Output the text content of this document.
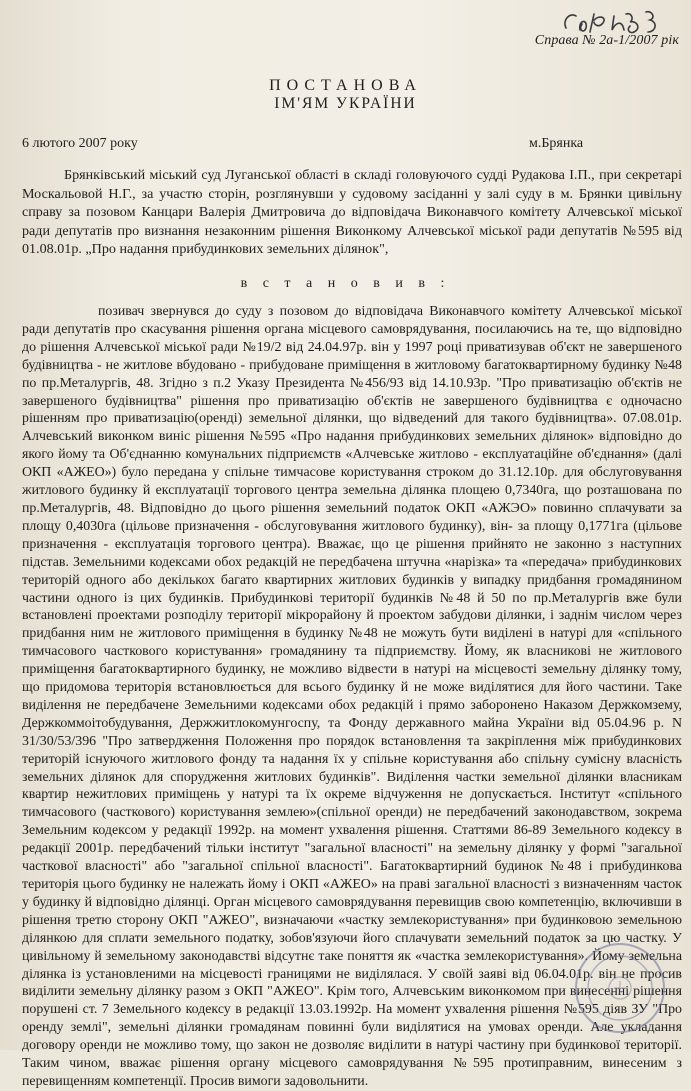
Справа № 2а-1/2007 рік
ПОСТАНОВА
ІМ'ЯМ УКРАЇНИ
6 лютого 2007 року	м.Брянка

Брянківський міський суд Луганської області в складі головуючого судді Рудакова І.П., при секретарі Москальовой Н.Г., за участю сторін, розглянувши у судовому засіданні у залі суду в м. Брянки цивільну справу за позовом Канцари Валерія Дмитровича до відповідача Виконавчого комітету Алчевської міської ради депутатів про визнання незаконним рішення Виконкому Алчевської міської ради депутатів №595 від 01.08.01р. „Про надання прибудинкових земельних ділянок",

в с т а н о в и в :

позивач звернувся до суду з позовом до відповідача Виконавчого комітету Алчевської міської ради депутатів про скасування рішення органа місцевого самоврядування, посилаючись на те, що відповідно до рішення Алчевської міської ради №19/2 від 24.04.97р. він у 1997 році приватизував об'єкт не завершеного будівництва - не житлове вбудовано - прибудоване приміщення в житловому багатоквартирному будинку №48 по пр.Металургів, 48. Згідно з п.2 Указу Президента №456/93 від 14.10.93р. "Про приватизацію об'єктів не завершеного будівництва" рішення про приватизацію об'єктів не завершеного будівництва є одночасно рішенням про приватизацію(оренді) земельної ділянки, що відведений для такого будівництва». 07.08.01р. Алчевський виконком виніс рішення №595 «Про надання прибудинкових земельних ділянок» відповідно до якого йому та Об'єднанню комунальних підприємств «Алчевське житлово - експлуатаційне об'єднання» (далі ОКП «АЖЕО») було передана у спільне тимчасове користування строком до 31.12.10р. для обслуговування житлового будинку й експлуатації торгового центра земельна ділянка площею 0,7340га, що розташована по пр.Металургів, 48. Відповідно до цього рішення земельний податок ОКП «АЖЭО» повинно сплачувати за площу 0,4030га (цільове призначення - обслуговування житлового будинку), він- за площу 0,1771га (цільове призначення - експлуатація торгового центра). Вважає, що це рішення прийнято не законно з наступних підстав. Земельними кодексами обох редакцій не передбачена штучна «нарізка» та «передача» прибудинкових територій одного або декількох багато квартирних житлових будинків у випадку придбання громадянином частини одного із цих будинків. Прибудинкові території будинків №48 й 50 по пр.Металургів вже були встановлені проектами розподілу території мікрорайону й проектом забудови ділянки, і заднім числом через придбання ним не житлового приміщення в будинку №48 не можуть бути виділені в натурі для «спільного тимчасового часткового користування» громадянину та підприємству. Йому, як власникові не житлового приміщення багатоквартирного будинку, не можливо відвести в натурі на місцевості земельну ділянку тому, що придомова територія встановлюється для всього будинку й не може виділятися для його частини. Таке виділення не передбачене Земельними кодексами обох редакцій і прямо заборонено Наказом Держкомзему, Держкоммоітобудування, Держжитлокомунгоспу, та Фонду державного майна України від 05.04.96 р. N 31/30/53/396 "Про затвердження Положення про порядок встановлення та закріплення між прибудинкових територій існуючого житлового фонду та надання їх у спільне користування або спільну сумісну власність земельних ділянок для спорудження житлових будинків". Виділення частки земельної ділянки власникам квартир нежитлових приміщень у натурі та їх окреме відчуження не допускається. Інститут «спільного тимчасового (часткового) користування землею»(спільної оренди) не передбачений законодавством, зокрема Земельним кодексом у редакції 1992р. на момент ухвалення рішення. Статтями 86-89 Земельного кодексу в редакції 2001р. передбачений тільки інститут "загальної власності" на земельну ділянку у формі "загальної часткової власності" або "загальної спільної власності". Багатоквартирний будинок №48 і прибудинкова територія цього будинку не належать йому і ОКП «АЖЕО» на праві загальної власності з визначенням часток у будинку й відповідно ділянці. Орган місцевого самоврядування перевищив свою компетенцію, включивши в рішення третю сторону ОКП "АЖЕО", визначаючи «частку землекористування» при будинковою земельною ділянкою для сплати земельного податку, зобов'язуючи його сплачувати земельний податок за цю частку. У цивільному й земельному законодавстві відсутнє таке поняття як «частка землекористування». Йому земельна ділянка із установленими на місцевості границями не виділялася. У своїй заяві від 06.04.01р. він не просив виділити земельну ділянку разом з ОКП "АЖЕО". Крім того, Алчевським виконкомом при винесенні рішення порушені ст. 7 Земельного кодексу в редакції 13.03.1992р. На момент ухвалення рішення №595 діяв ЗУ "Про оренду землі", земельні ділянки громадянам повинні були виділятися на умовах оренди. Але укладання договору оренди не можливо тому, що закон не дозволяє виділити в натурі частину при будинкової території. Таким чином, вважає рішення органу місцевого самоврядування №595 протиправним, винесеним з перевищенням компетенції. Просив вимоги задовольнити.
